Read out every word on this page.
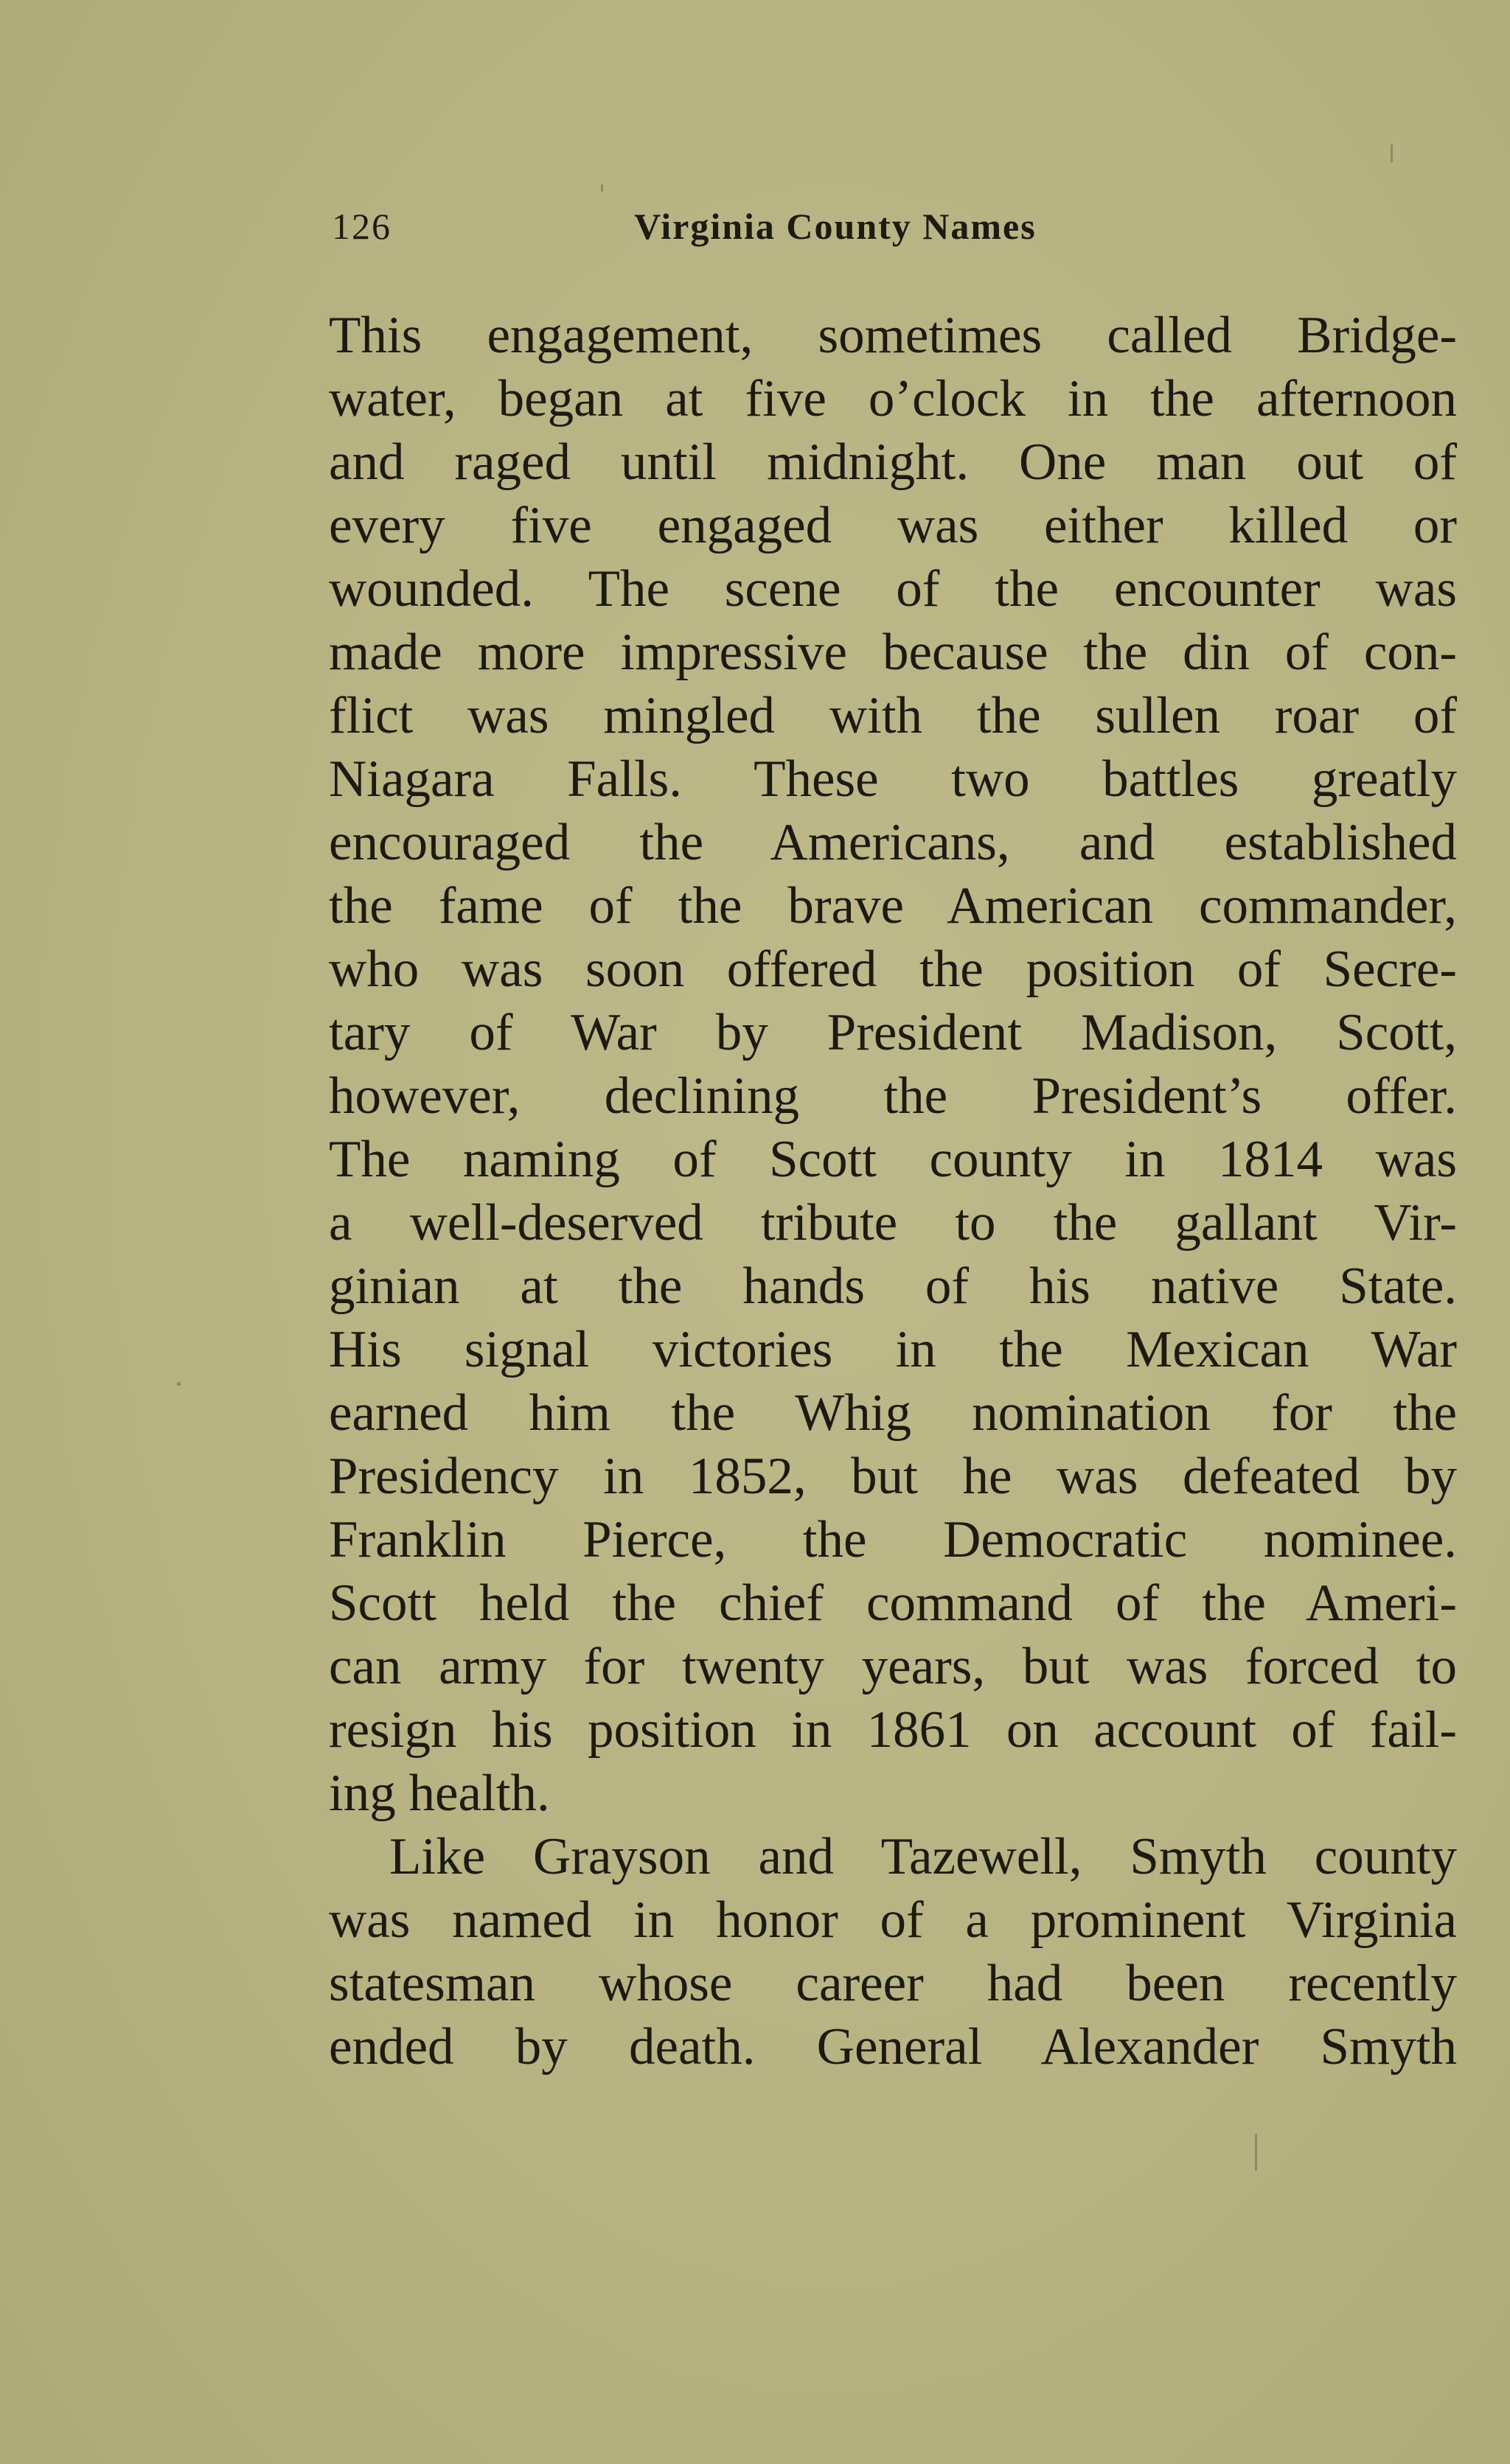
126	Virginia County Names
This engagement, sometimes called Bridge-
water, began at five o’clock in the afternoon
and raged until midnight. One man out of
every five engaged was either killed or
wounded. The scene of the encounter was
made more impressive because the din of con-
flict was mingled with the sullen roar of
Niagara Falls. These two battles greatly
encouraged the Americans, and established
the fame of the brave American commander,
who was soon offered the position of Secre-
tary of War by President Madison, Scott,
however, declining the President’s offer.
The naming of Scott county in 1814 was
a well-deserved tribute to the gallant Vir-
ginian at the hands of his native State.
His signal victories in the Mexican War
earned him the Whig nomination for the
Presidency in 1852, but he was defeated by
Franklin Pierce, the Democratic nominee.
Scott held the chief command of the Ameri-
can army for twenty years, but was forced to
resign his position in 1861 on account of fail-
ing health.
Like Grayson and Tazewell, Smyth county
was named in honor of a prominent Virginia
statesman whose career had been recently
ended by death. General Alexander Smyth
